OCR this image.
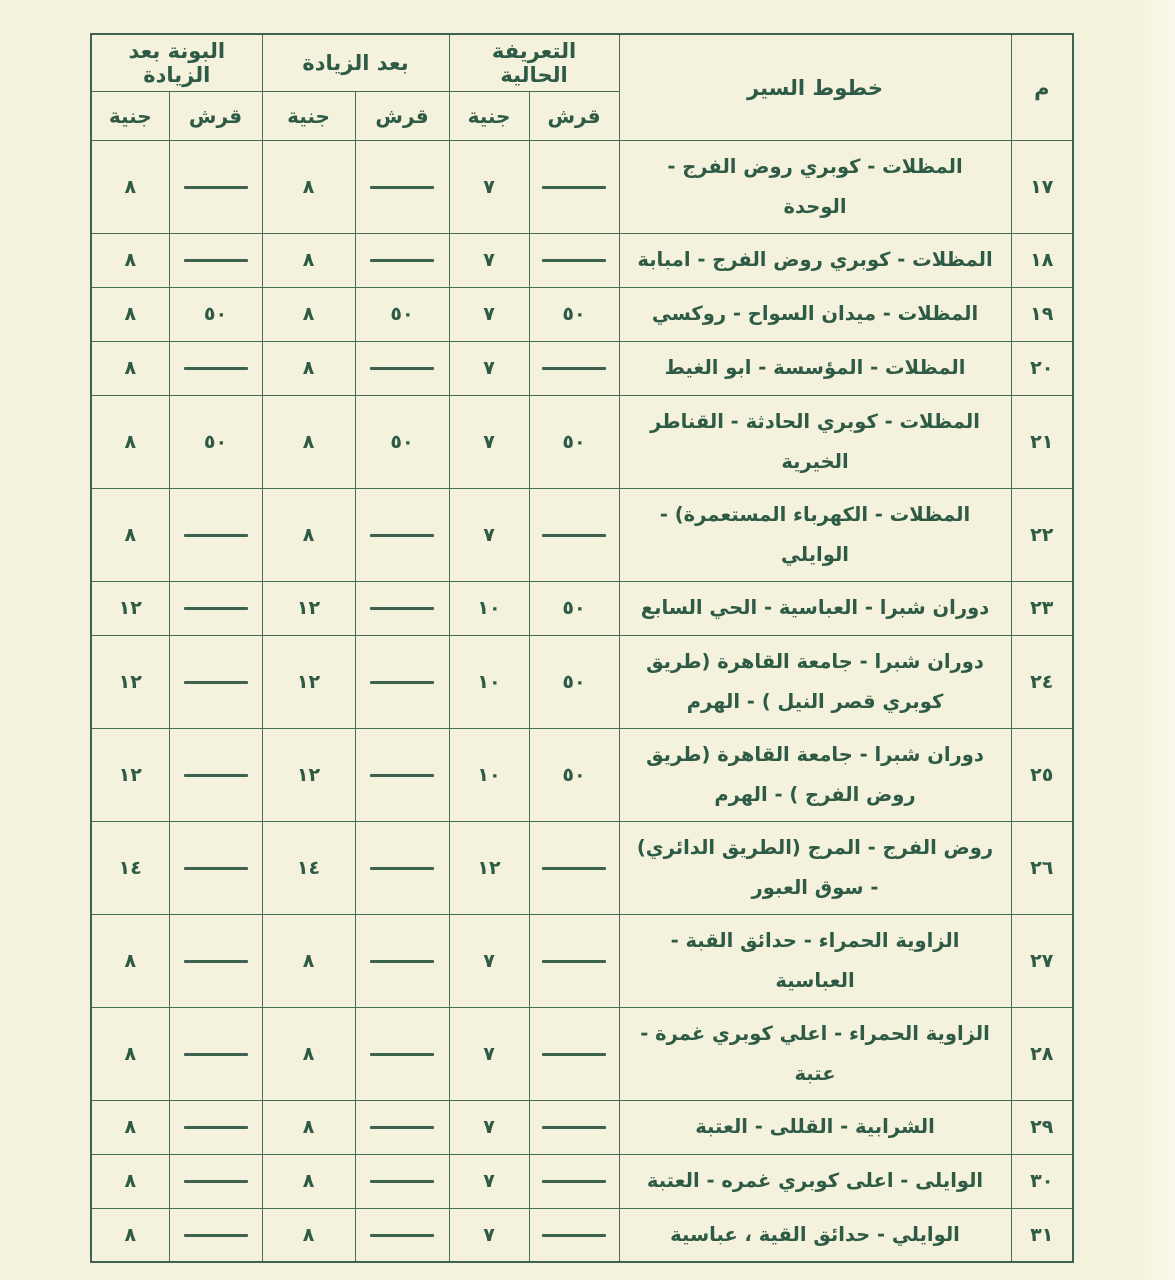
م	خطوط السير	التعريفة الحالية		بعد الزيادة		البونة بعد الزيادة	
		قرش	جنية	قرش	جنية	قرش	جنية
١٧	المظلات - كوبري روض الفرج - الوحدة		٧		٨		٨
١٨	المظلات - كوبري روض الفرج - امبابة		٧		٨		٨
١٩	المظلات - ميدان السواح - روكسي	٥٠	٧	٥٠	٨	٥٠	٨
٢٠	المظلات - المؤسسة - ابو الغيط		٧		٨		٨
٢١	المظلات - كوبري الحادثة - القناطر الخيرية	٥٠	٧	٥٠	٨	٥٠	٨
٢٢	المظلات - الكهرباء المستعمرة) - الوايلي		٧		٨		٨
٢٣	دوران شبرا - العباسية - الحي السابع	٥٠	١٠		١٢		١٢
٢٤	دوران شبرا - جامعة القاهرة (طريق كوبري قصر النيل ) - الهرم	٥٠	١٠		١٢		١٢
٢٥	دوران شبرا - جامعة القاهرة (طريق روض الفرج ) - الهرم	٥٠	١٠		١٢		١٢
٢٦	روض الفرج - المرج (الطريق الدائري) - سوق العبور		١٢		١٤		١٤
٢٧	الزاوية الحمراء - حدائق القبة - العباسية		٧		٨		٨
٢٨	الزاوية الحمراء - اعلي كوبري غمرة - عتبة		٧		٨		٨
٢٩	الشرابية - القللى - العتبة		٧		٨		٨
٣٠	الوايلى - اعلى كوبري غمره - العتبة		٧		٨		٨
٣١	الوايلي - حدائق القية ، عباسية		٧		٨		٨
